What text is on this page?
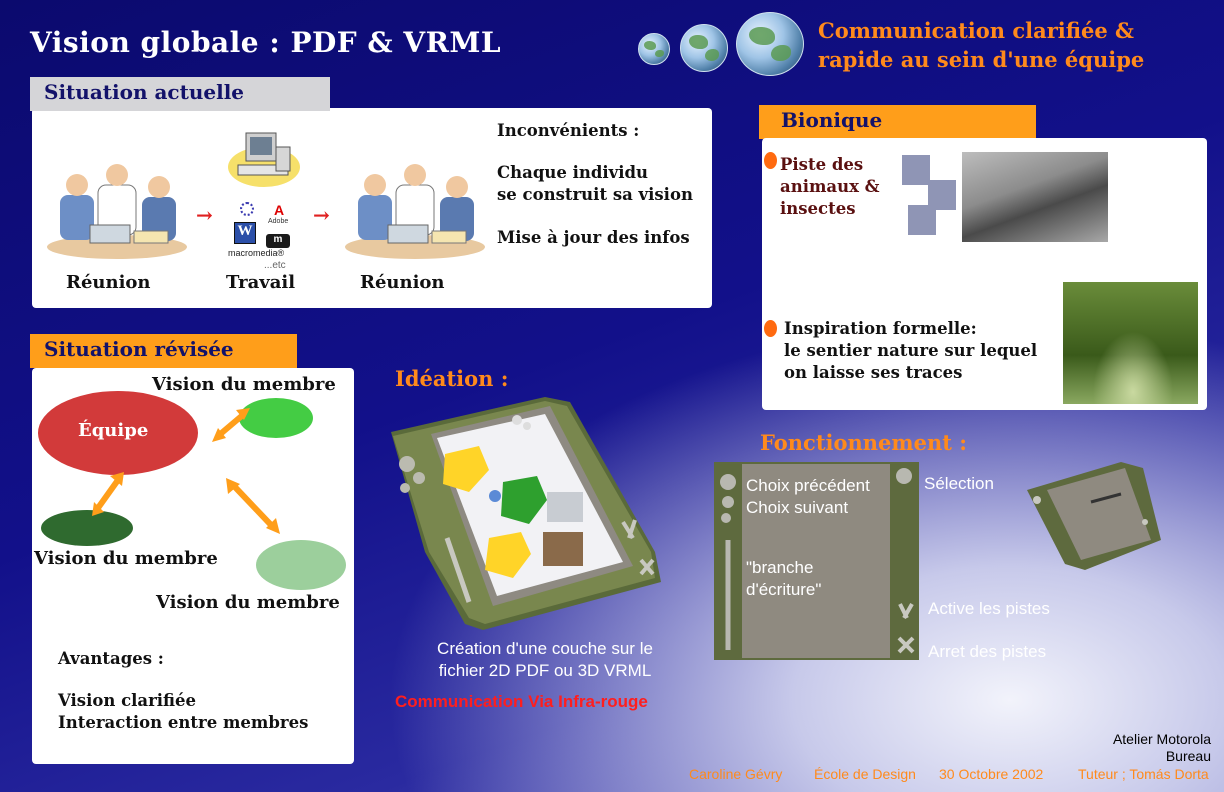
Vision globale : PDF & VRML	Communication clarifiée &
rapide au sein d'une équipe
Situation actuelle
→	A
Adobe
W
m
macromedia®
...etc
→
Réunion	Travail	Réunion
Inconvénients :
Chaque individu
se construit sa vision
Mise à jour des infos
Situation révisée
Équipe
Vision du membre
Vision du membre
Vision du membre
Avantages :
Vision clarifiée
Interaction entre membres
Idéation :
Création d'une couche sur le
fichier 2D PDF ou 3D VRML
Communication Via Infra-rouge
Bionique
Piste des
animaux &
insectes
Inspiration formelle:
le sentier nature sur lequel
on laisse ses traces
Fonctionnement :
Choix précédent
Choix suivant
"branche
d'écriture"
Sélection
Active les pistes
Arret des pistes
Atelier Motorola
Bureau
Caroline Gévry École de Design 30 Octobre 2002 Tuteur ; Tomás Dorta
